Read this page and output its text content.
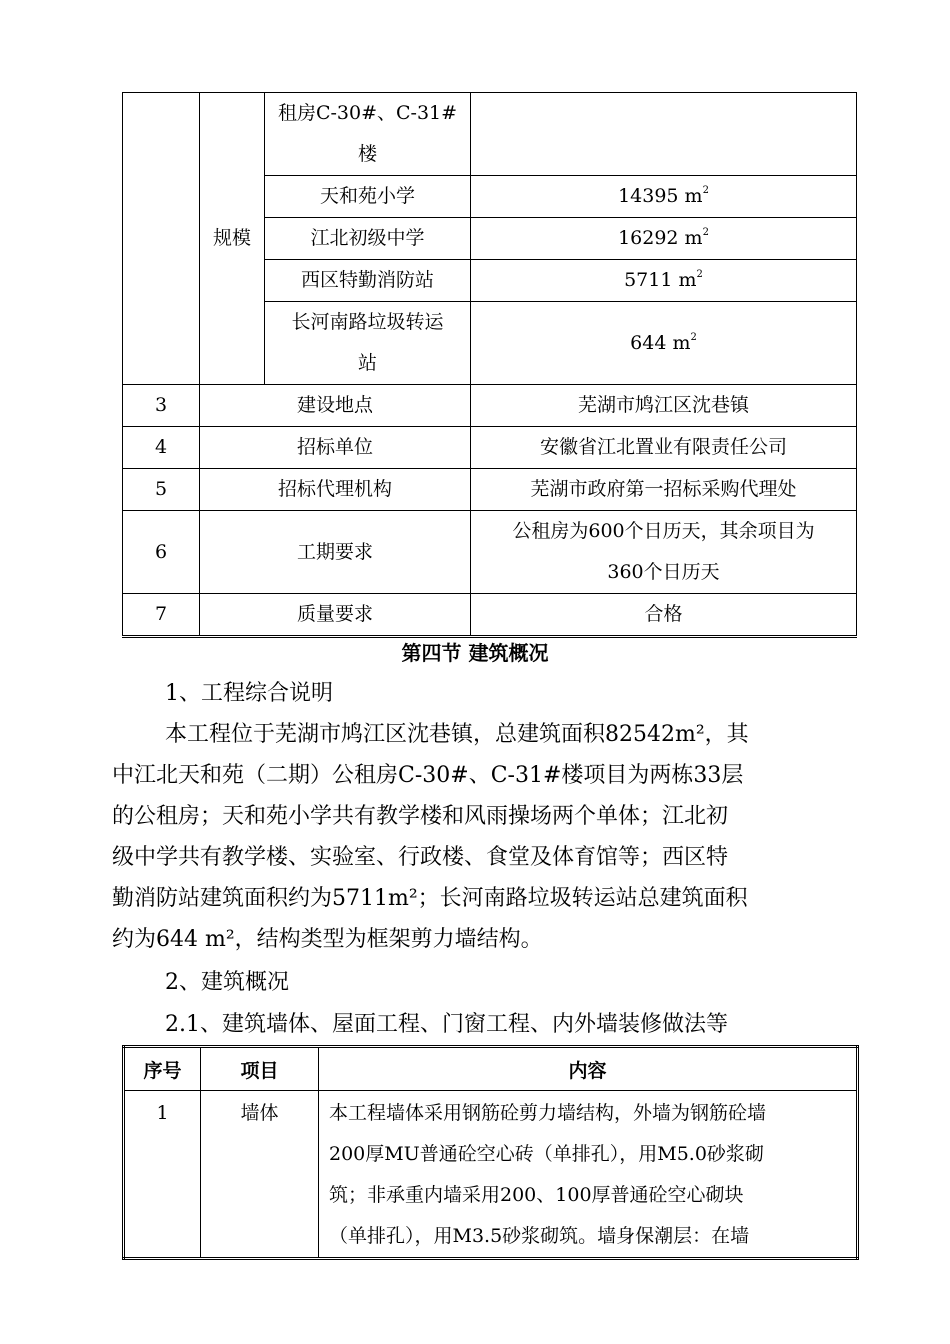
	规模	租房C-30#、C-31#
楼	
		天和苑小学	14395 $m^2$
		江北初级中学	16292 $m^2$
		西区特勤消防站	5711 $m^2$
		长河南路垃圾转运
站	644 $m^2$
3	建设地点		芜湖市鸠江区沈巷镇
4	招标单位		安徽省江北置业有限责任公司
5	招标代理机构		芜湖市政府第一招标采购代理处
6	工期要求		公租房为600个日历天，其余项目为
360个日历天
7	质量要求		合格
第四节 建筑概况
1、工程综合说明
本工程位于芜湖市鸠江区沈巷镇，总建筑面积82542m²，其
中江北天和苑（二期）公租房C-30#、C-31#楼项目为两栋33层
的公租房；天和苑小学共有教学楼和风雨操场两个单体；江北初
级中学共有教学楼、实验室、行政楼、食堂及体育馆等；西区特
勤消防站建筑面积约为5711m²；长河南路垃圾转运站总建筑面积
约为644 m²，结构类型为框架剪力墙结构。
2、建筑概况
2.1、建筑墙体、屋面工程、门窗工程、内外墙装修做法等
序号	项目	内容
1	墙体	本工程墙体采用钢筋砼剪力墙结构，外墙为钢筋砼墙
200厚MU普通砼空心砖（单排孔），用M5.0砂浆砌
筑；非承重内墙采用200、100厚普通砼空心砌块
（单排孔），用M3.5砂浆砌筑。墙身保潮层：在墙
